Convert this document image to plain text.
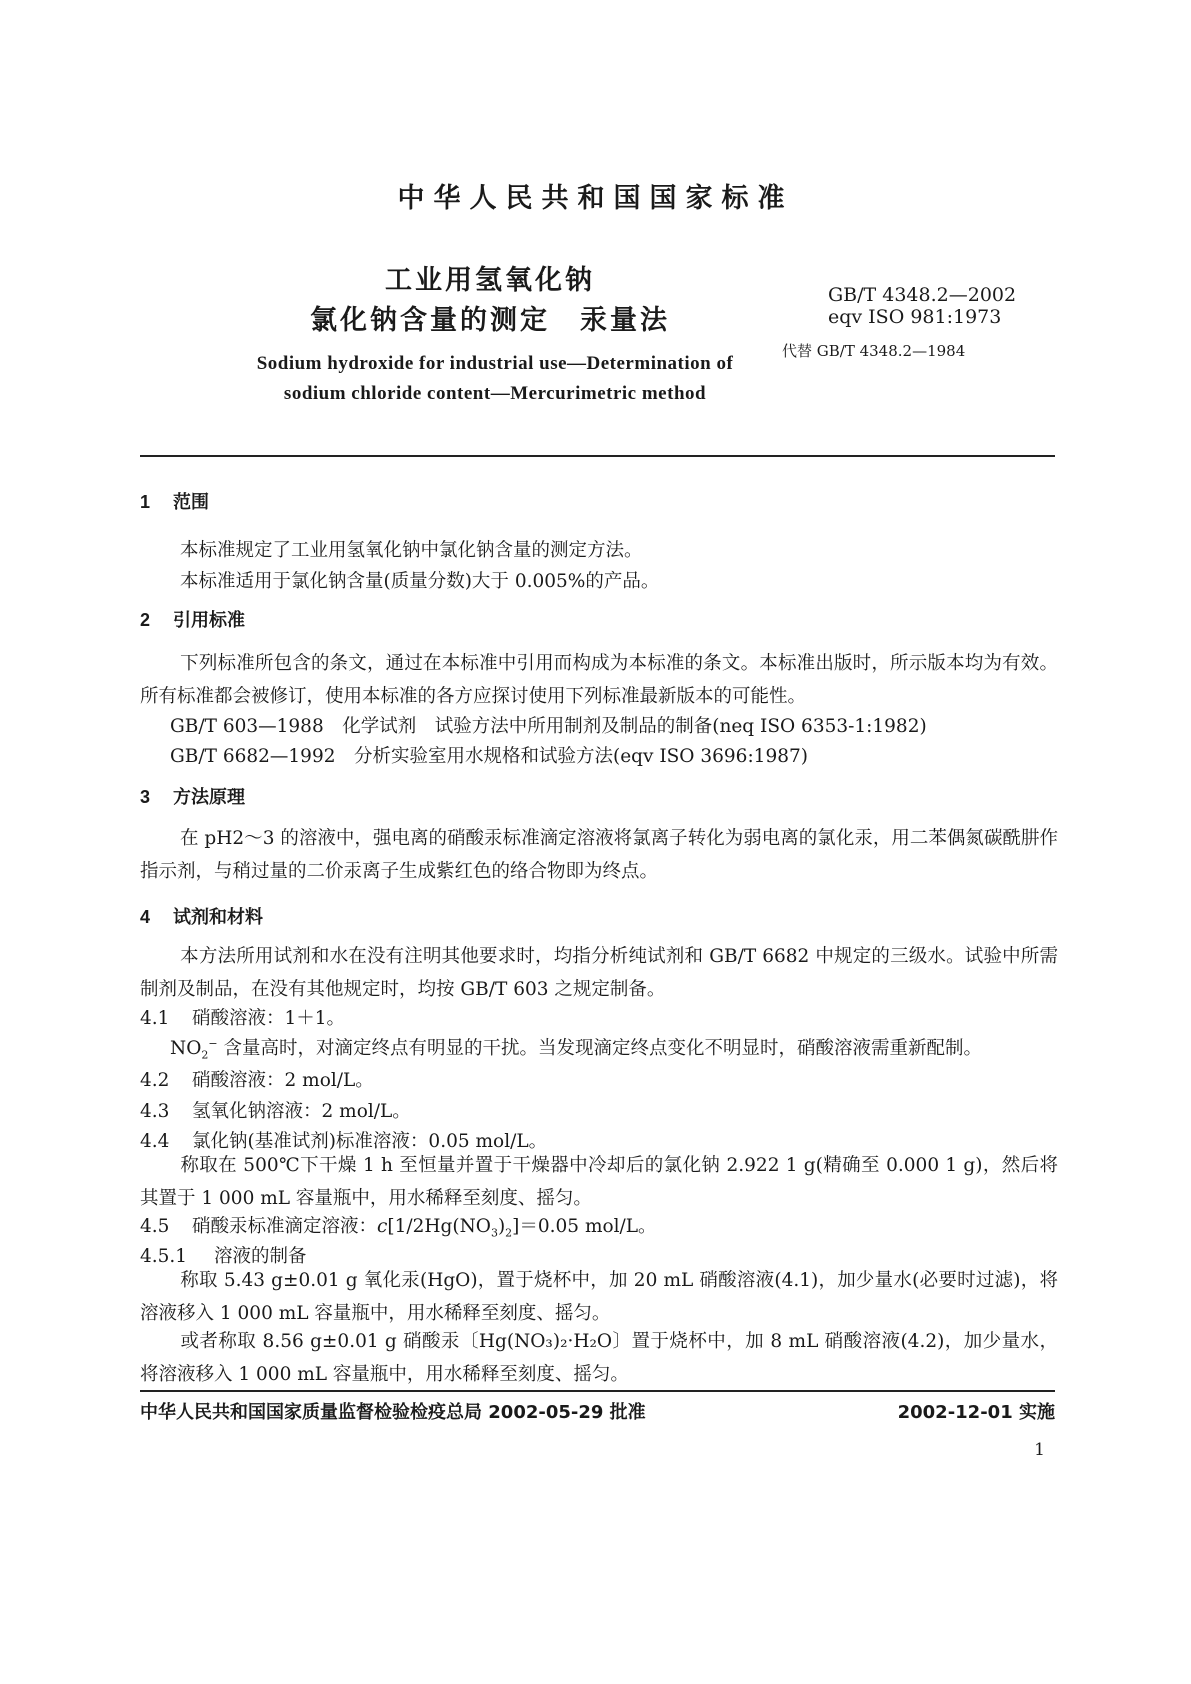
中华人民共和国国家标准
工业用氢氧化钠
氯化钠含量的测定　汞量法
GB/T 4348.2—2002
eqv ISO 981:1973
代替 GB/T 4348.2—1984
Sodium hydroxide for industrial use—Determination of
sodium chloride content—Mercurimetric method
1 范围
本标准规定了工业用氢氧化钠中氯化钠含量的测定方法。
本标准适用于氯化钠含量(质量分数)大于 0.005%的产品。
2 引用标准
下列标准所包含的条文，通过在本标准中引用而构成为本标准的条文。本标准出版时，所示版本均为有效。所有标准都会被修订，使用本标准的各方应探讨使用下列标准最新版本的可能性。
GB/T 603—1988　化学试剂　试验方法中所用制剂及制品的制备(neq ISO 6353-1:1982)
GB/T 6682—1992　分析实验室用水规格和试验方法(eqv ISO 3696:1987)
3 方法原理
在 pH2～3 的溶液中，强电离的硝酸汞标准滴定溶液将氯离子转化为弱电离的氯化汞，用二苯偶氮碳酰肼作指示剂，与稍过量的二价汞离子生成紫红色的络合物即为终点。
4 试剂和材料
本方法所用试剂和水在没有注明其他要求时，均指分析纯试剂和 GB/T 6682 中规定的三级水。试验中所需制剂及制品，在没有其他规定时，均按 GB/T 603 之规定制备。
4.1 硝酸溶液：1＋1。
$NO_2^-$ 含量高时，对滴定终点有明显的干扰。当发现滴定终点变化不明显时，硝酸溶液需重新配制。
4.2 硝酸溶液：2 mol/L。
4.3 氢氧化钠溶液：2 mol/L。
4.4 氯化钠(基准试剂)标准溶液：0.05 mol/L。
称取在 500℃下干燥 1 h 至恒量并置于干燥器中冷却后的氯化钠 2.922 1 g(精确至 0.000 1 g)，然后将其置于 1 000 mL 容量瓶中，用水稀释至刻度、摇匀。
4.5 硝酸汞标准滴定溶液：$c[1/2Hg(NO_3)_2]=0.05$ mol/L。
4.5.1 溶液的制备
称取 5.43 g±0.01 g 氧化汞(HgO)，置于烧杯中，加 20 mL 硝酸溶液(4.1)，加少量水(必要时过滤)，将溶液移入 1 000 mL 容量瓶中，用水稀释至刻度、摇匀。
或者称取 8.56 g±0.01 g 硝酸汞〔Hg(NO₃)₂·H₂O〕置于烧杯中，加 8 mL 硝酸溶液(4.2)，加少量水，将溶液移入 1 000 mL 容量瓶中，用水稀释至刻度、摇匀。
中华人民共和国国家质量监督检验检疫总局 2002-05-29 批准	2002-12-01 实施
1
